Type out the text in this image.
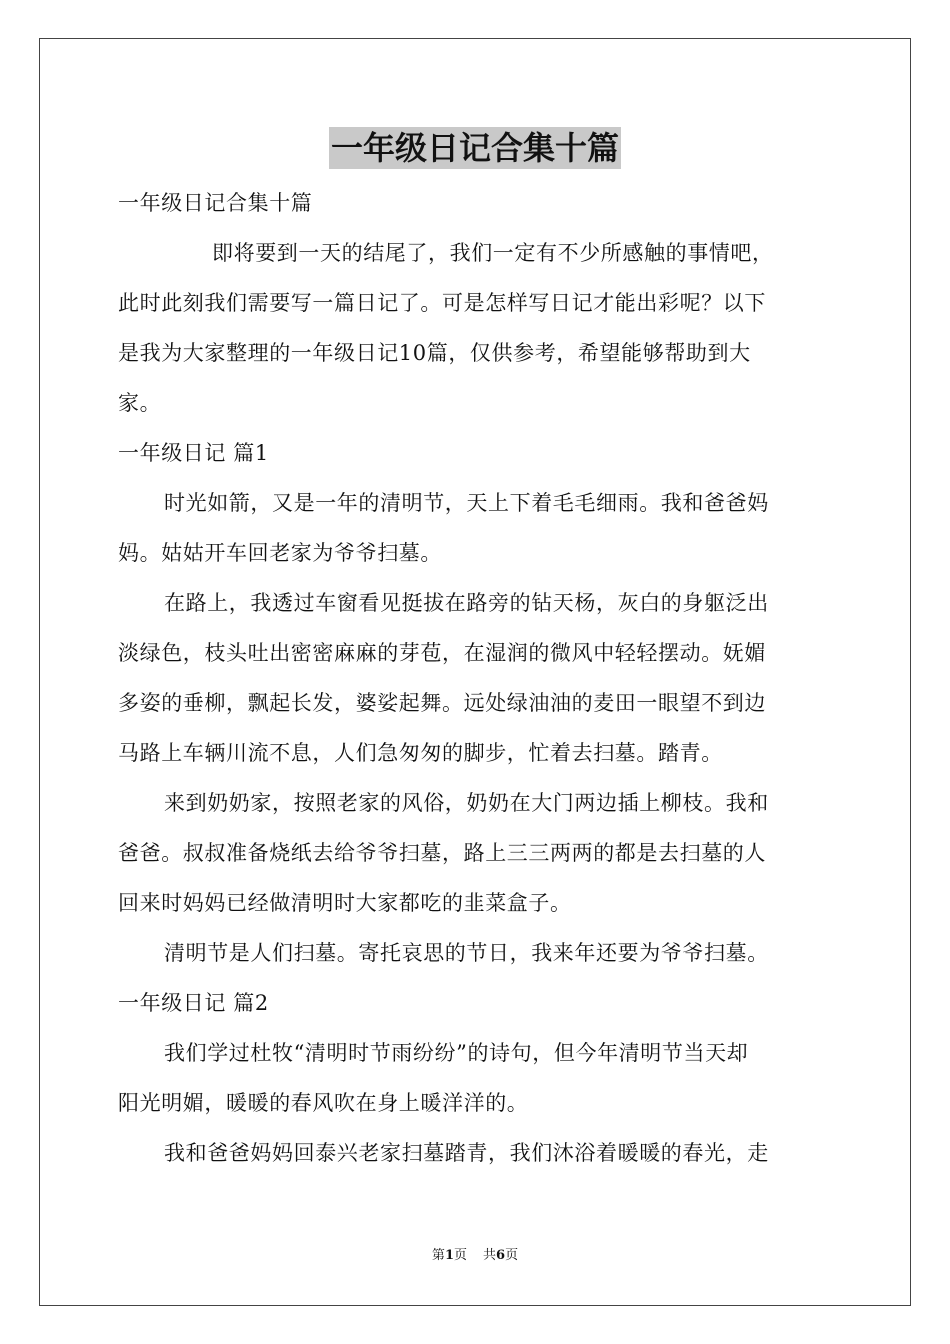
一年级日记合集十篇

一年级日记合集十篇

即将要到一天的结尾了，我们一定有不少所感触的事情吧，

此时此刻我们需要写一篇日记了。可是怎样写日记才能出彩呢？以下

是我为大家整理的一年级日记10篇，仅供参考，希望能够帮助到大

家。

一年级日记 篇1

时光如箭，又是一年的清明节，天上下着毛毛细雨。我和爸爸妈

妈。姑姑开车回老家为爷爷扫墓。

在路上，我透过车窗看见挺拔在路旁的钻天杨，灰白的身躯泛出

淡绿色，枝头吐出密密麻麻的芽苞，在湿润的微风中轻轻摆动。妩媚

多姿的垂柳，飘起长发，婆娑起舞。远处绿油油的麦田一眼望不到边

马路上车辆川流不息，人们急匆匆的脚步，忙着去扫墓。踏青。

来到奶奶家，按照老家的风俗，奶奶在大门两边插上柳枝。我和

爸爸。叔叔准备烧纸去给爷爷扫墓，路上三三两两的都是去扫墓的人

回来时妈妈已经做清明时大家都吃的韭菜盒子。

清明节是人们扫墓。寄托哀思的节日，我来年还要为爷爷扫墓。

一年级日记 篇2

我们学过杜牧“清明时节雨纷纷”的诗句，但今年清明节当天却

阳光明媚，暖暖的春风吹在身上暖洋洋的。

我和爸爸妈妈回泰兴老家扫墓踏青，我们沐浴着暖暖的春光，走

第1页 共6页
